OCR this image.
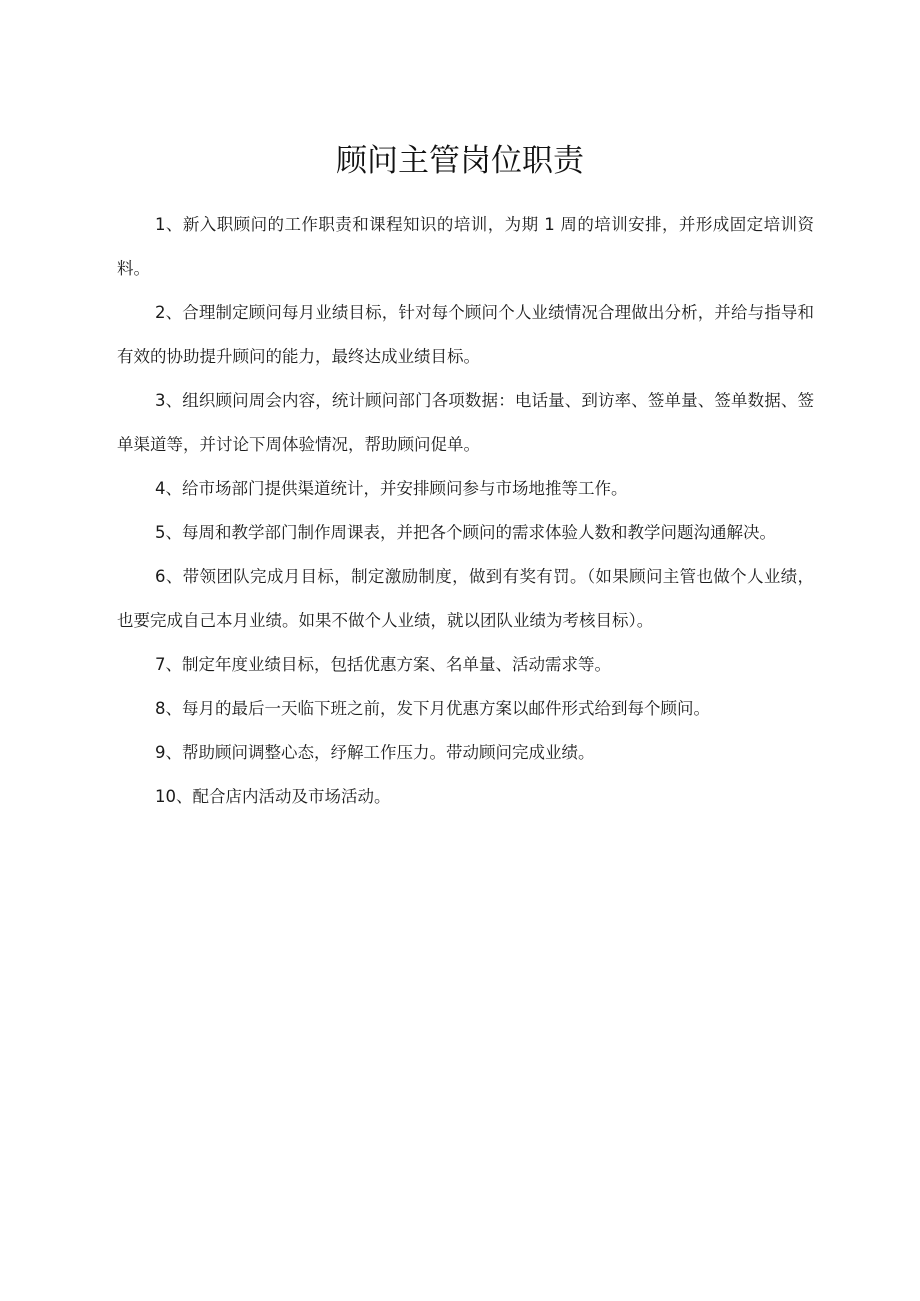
顾问主管岗位职责

1、新入职顾问的工作职责和课程知识的培训，为期 1 周的培训安排，并形成固定培训资料。

2、合理制定顾问每月业绩目标，针对每个顾问个人业绩情况合理做出分析，并给与指导和有效的协助提升顾问的能力，最终达成业绩目标。

3、组织顾问周会内容，统计顾问部门各项数据：电话量、到访率、签单量、签单数据、签单渠道等，并讨论下周体验情况，帮助顾问促单。

4、给市场部门提供渠道统计，并安排顾问参与市场地推等工作。

5、每周和教学部门制作周课表，并把各个顾问的需求体验人数和教学问题沟通解决。

6、带领团队完成月目标，制定激励制度，做到有奖有罚。（如果顾问主管也做个人业绩，也要完成自己本月业绩。如果不做个人业绩，就以团队业绩为考核目标）。

7、制定年度业绩目标，包括优惠方案、名单量、活动需求等。

8、每月的最后一天临下班之前，发下月优惠方案以邮件形式给到每个顾问。

9、帮助顾问调整心态，纾解工作压力。带动顾问完成业绩。

10、配合店内活动及市场活动。
